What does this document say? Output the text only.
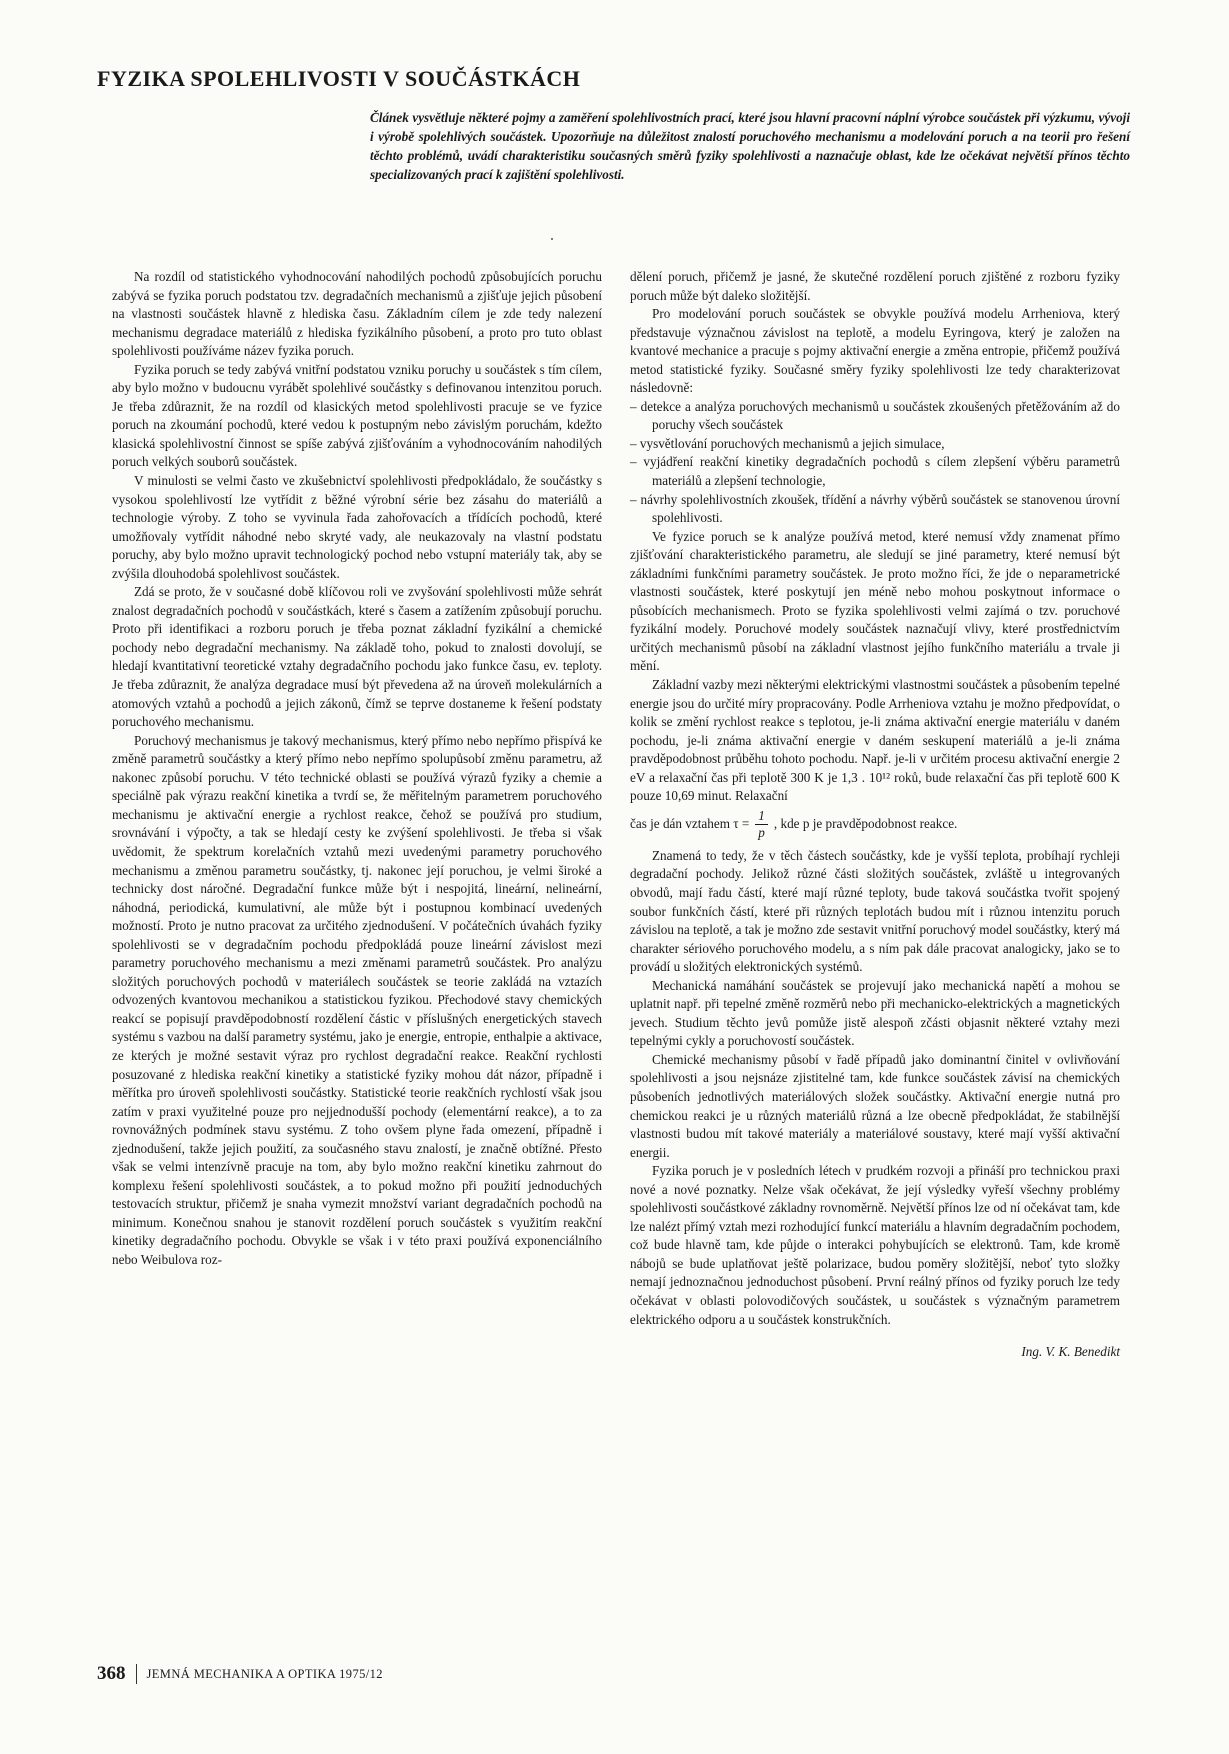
FYZIKA SPOLEHLIVOSTI V SOUČÁSTKÁCH
Článek vysvětluje některé pojmy a zaměření spolehlivostních prací, které jsou hlavní pracovní náplní výrobce součástek při výzkumu, vývoji i výrobě spolehlivých součástek. Upozorňuje na důležitost znalostí poruchového mechanismu a modelování poruch a na teorii pro řešení těchto problémů, uvádí charakteristiku současných směrů fyziky spolehlivosti a naznačuje oblast, kde lze očekávat největší přínos těchto specializovaných prací k zajištění spolehlivosti.

Na rozdíl od statistického vyhodnocování nahodilých pochodů způsobujících poruchu zabývá se fyzika poruch podstatou tzv. degradačních mechanismů a zjišťuje jejich působení na vlastnosti součástek hlavně z hlediska času. Základním cílem je zde tedy nalezení mechanismu degradace materiálů z hlediska fyzikálního působení, a proto pro tuto oblast spolehlivosti používáme název fyzika poruch.

Fyzika poruch se tedy zabývá vnitřní podstatou vzniku poruchy u součástek s tím cílem, aby bylo možno v budoucnu vyrábět spolehlivé součástky s definovanou intenzitou poruch. Je třeba zdůraznit, že na rozdíl od klasických metod spolehlivosti pracuje se ve fyzice poruch na zkoumání pochodů, které vedou k postupným nebo závislým poruchám, kdežto klasická spolehlivostní činnost se spíše zabývá zjišťováním a vyhodnocováním nahodilých poruch velkých souborů součástek.

V minulosti se velmi často ve zkušebnictví spolehlivosti předpokládalo, že součástky s vysokou spolehlivostí lze vytřídit z běžné výrobní série bez zásahu do materiálů a technologie výroby. Z toho se vyvinula řada zahořovacích a třídících pochodů, které umožňovaly vytřídit náhodné nebo skryté vady, ale neukazovaly na vlastní podstatu poruchy, aby bylo možno upravit technologický pochod nebo vstupní materiály tak, aby se zvýšila dlouhodobá spolehlivost součástek.

Zdá se proto, že v současné době klíčovou roli ve zvyšování spolehlivosti může sehrát znalost degradačních pochodů v součástkách, které s časem a zatížením způsobují poruchu. Proto při identifikaci a rozboru poruch je třeba poznat základní fyzikální a chemické pochody nebo degradační mechanismy. Na základě toho, pokud to znalosti dovolují, se hledají kvantitativní teoretické vztahy degradačního pochodu jako funkce času, ev. teploty. Je třeba zdůraznit, že analýza degradace musí být převedena až na úroveň molekulárních a atomových vztahů a pochodů a jejich zákonů, čímž se teprve dostaneme k řešení podstaty poruchového mechanismu.

Poruchový mechanismus je takový mechanismus, který přímo nebo nepřímo přispívá ke změně parametrů součástky a který přímo nebo nepřímo spolupůsobí změnu parametru, až nakonec způsobí poruchu. V této technické oblasti se používá výrazů fyziky a chemie a speciálně pak výrazu reakční kinetika a tvrdí se, že měřitelným parametrem poruchového mechanismu je aktivační energie a rychlost reakce, čehož se používá pro studium, srovnávání i výpočty, a tak se hledají cesty ke zvýšení spolehlivosti. Je třeba si však uvědomit, že spektrum korelačních vztahů mezi uvedenými parametry poruchového mechanismu a změnou parametru součástky, tj. nakonec její poruchou, je velmi široké a technicky dost náročné. Degradační funkce může být i nespojitá, lineární, nelineární, náhodná, periodická, kumulativní, ale může být i postupnou kombinací uvedených možností. Proto je nutno pracovat za určitého zjednodušení. V počátečních úvahách fyziky spolehlivosti se v degradačním pochodu předpokládá pouze lineární závislost mezi parametry poruchového mechanismu a mezi změnami parametrů součástek. Pro analýzu složitých poruchových pochodů v materiálech součástek se teorie zakládá na vztazích odvozených kvantovou mechanikou a statistickou fyzikou. Přechodové stavy chemických reakcí se popisují pravděpodobností rozdělení částic v příslušných energetických stavech systému s vazbou na další parametry systému, jako je energie, entropie, enthalpie a aktivace, ze kterých je možné sestavit výraz pro rychlost degradační reakce. Reakční rychlosti posuzované z hlediska reakční kinetiky a statistické fyziky mohou dát názor, případně i měřítka pro úroveň spolehlivosti součástky. Statistické teorie reakčních rychlostí však jsou zatím v praxi využitelné pouze pro nejjednodušší pochody (elementární reakce), a to za rovnovážných podmínek stavu systému. Z toho ovšem plyne řada omezení, případně i zjednodušení, takže jejich použití, za současného stavu znalostí, je značně obtížné. Přesto však se velmi intenzívně pracuje na tom, aby bylo možno reakční kinetiku zahrnout do komplexu řešení spolehlivosti součástek, a to pokud možno při použití jednoduchých testovacích struktur, přičemž je snaha vymezit množství variant degradačních pochodů na minimum. Konečnou snahou je stanovit rozdělení poruch součástek s využitím reakční kinetiky degradačního pochodu. Obvykle se však i v této praxi používá exponenciálního nebo Weibulova roz-

dělení poruch, přičemž je jasné, že skutečné rozdělení poruch zjištěné z rozboru fyziky poruch může být daleko složitější.

Pro modelování poruch součástek se obvykle používá modelu Arrheniova, který představuje význačnou závislost na teplotě, a modelu Eyringova, který je založen na kvantové mechanice a pracuje s pojmy aktivační energie a změna entropie, přičemž používá metod statistické fyziky. Současné směry fyziky spolehlivosti lze tedy charakterizovat následovně:

– detekce a analýza poruchových mechanismů u součástek zkoušených přetěžováním až do poruchy všech součástek
– vysvětlování poruchových mechanismů a jejich simulace,
– vyjádření reakční kinetiky degradačních pochodů s cílem zlepšení výběru parametrů materiálů a zlepšení technologie,
– návrhy spolehlivostních zkoušek, třídění a návrhy výběrů součástek se stanovenou úrovní spolehlivosti.

Ve fyzice poruch se k analýze používá metod, které nemusí vždy znamenat přímo zjišťování charakteristického parametru, ale sledují se jiné parametry, které nemusí být základními funkčními parametry součástek. Je proto možno říci, že jde o neparametrické vlastnosti součástek, které poskytují jen méně nebo mohou poskytnout informace o působících mechanismech. Proto se fyzika spolehlivosti velmi zajímá o tzv. poruchové fyzikální modely. Poruchové modely součástek naznačují vlivy, které prostřednictvím určitých mechanismů působí na základní vlastnost jejího funkčního materiálu a trvale ji mění.

Základní vazby mezi některými elektrickými vlastnostmi součástek a působením tepelné energie jsou do určité míry propracovány. Podle Arrheniova vztahu je možno předpovídat, o kolik se změní rychlost reakce s teplotou, je-li známa aktivační energie materiálu v daném pochodu, je-li známa aktivační energie v daném seskupení materiálů a je-li známa pravděpodobnost průběhu tohoto pochodu. Např. je-li v určitém procesu aktivační energie 2 eV a relaxační čas při teplotě 300 K je 1,3 . 10¹² roků, bude relaxační čas při teplotě 600 K pouze 10,69 minut. Relaxační

čas je dán vztahem $\tau = \frac{1}{p}$ , kde p je pravděpodobnost reakce.

Znamená to tedy, že v těch částech součástky, kde je vyšší teplota, probíhají rychleji degradační pochody. Jelikož různé části složitých součástek, zvláště u integrovaných obvodů, mají řadu částí, které mají různé teploty, bude taková součástka tvořit spojený soubor funkčních částí, které při různých teplotách budou mít i různou intenzitu poruch závislou na teplotě, a tak je možno zde sestavit vnitřní poruchový model součástky, který má charakter sériového poruchového modelu, a s ním pak dále pracovat analogicky, jako se to provádí u složitých elektronických systémů.

Mechanická namáhání součástek se projevují jako mechanická napětí a mohou se uplatnit např. při tepelné změně rozměrů nebo při mechanicko-elektrických a magnetických jevech. Studium těchto jevů pomůže jistě alespoň zčásti objasnit některé vztahy mezi tepelnými cykly a poruchovostí součástek.

Chemické mechanismy působí v řadě případů jako dominantní činitel v ovlivňování spolehlivosti a jsou nejsnáze zjistitelné tam, kde funkce součástek závisí na chemických působeních jednotlivých materiálových složek součástky. Aktivační energie nutná pro chemickou reakci je u různých materiálů různá a lze obecně předpokládat, že stabilnější vlastnosti budou mít takové materiály a materiálové soustavy, které mají vyšší aktivační energii.

Fyzika poruch je v posledních létech v prudkém rozvoji a přináší pro technickou praxi nové a nové poznatky. Nelze však očekávat, že její výsledky vyřeší všechny problémy spolehlivosti součástkové základny rovnoměrně. Největší přínos lze od ní očekávat tam, kde lze nalézt přímý vztah mezi rozhodující funkcí materiálu a hlavním degradačním pochodem, což bude hlavně tam, kde půjde o interakci pohybujících se elektronů. Tam, kde kromě nábojů se bude uplatňovat ještě polarizace, budou poměry složitější, neboť tyto složky nemají jednoznačnou jednoduchost působení. První reálný přínos od fyziky poruch lze tedy očekávat v oblasti polovodičových součástek, u součástek s význačným parametrem elektrického odporu a u součástek konstrukčních.

Ing. V. K. Benedikt
368 JEMNÁ MECHANIKA A OPTIKA 1975/12
